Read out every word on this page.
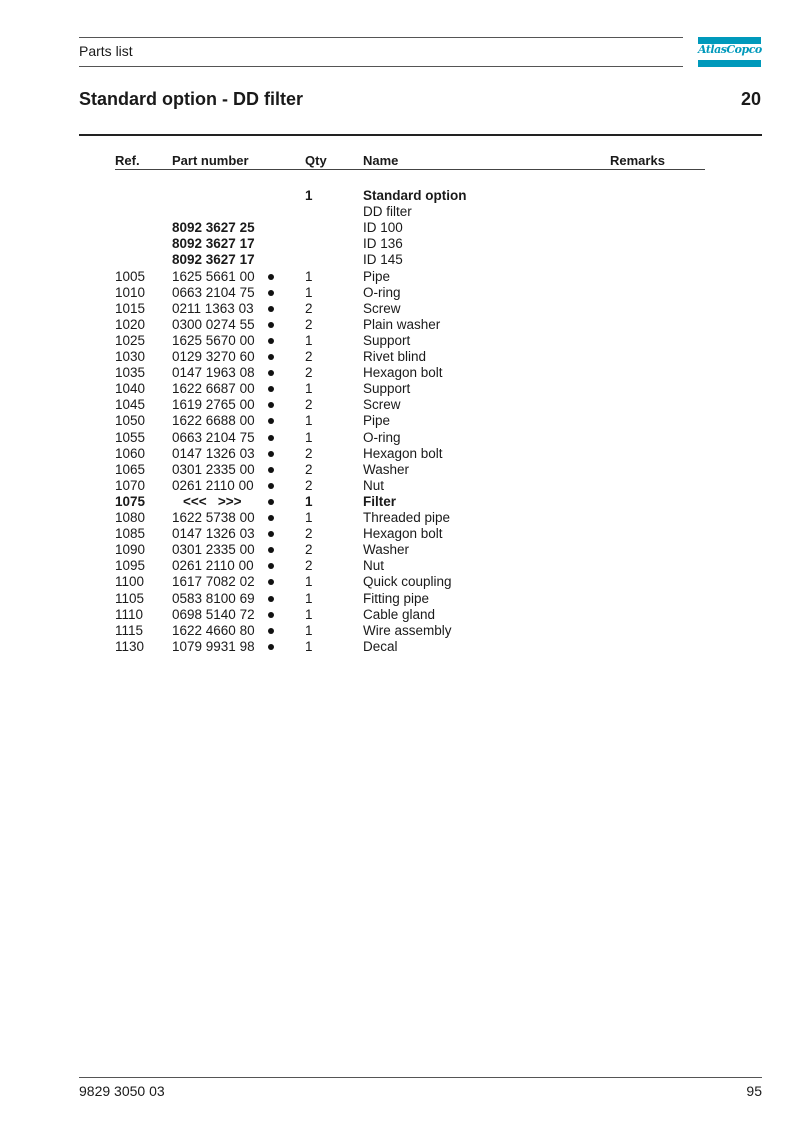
Parts list	AtlasCopco
Standard option - DD filter	20
Ref. Part number	Qty	Name	Remarks
1	Standard option
DD filter
8092 3627 25	ID 100
8092 3627 17	ID 136
8092 3627 17	ID 145
1005 1625 5661 00	1	Pipe
1010 0663 2104 75	1	O-ring
1015 0211 1363 03	2	Screw
1020 0300 0274 55	2	Plain washer
1025 1625 5670 00	1	Support
1030 0129 3270 60	2	Rivet blind
1035 0147 1963 08	2	Hexagon bolt
1040 1622 6687 00	1	Support
1045 1619 2765 00	2	Screw
1050 1622 6688 00	1	Pipe
1055 0663 2104 75	1	O-ring
1060 0147 1326 03	2	Hexagon bolt
1065 0301 2335 00	2	Washer
1070 0261 2110 00	2	Nut
1075	<<<   >>>	1	Filter
1080 1622 5738 00	1	Threaded pipe
1085 0147 1326 03	2	Hexagon bolt
1090 0301 2335 00	2	Washer
1095 0261 2110 00	2	Nut
1100 1617 7082 02	1	Quick coupling
1105 0583 8100 69	1	Fitting pipe
1110 0698 5140 72	1	Cable gland
1115 1622 4660 80	1	Wire assembly
1130 1079 9931 98	1	Decal
9829 3050 03	95
